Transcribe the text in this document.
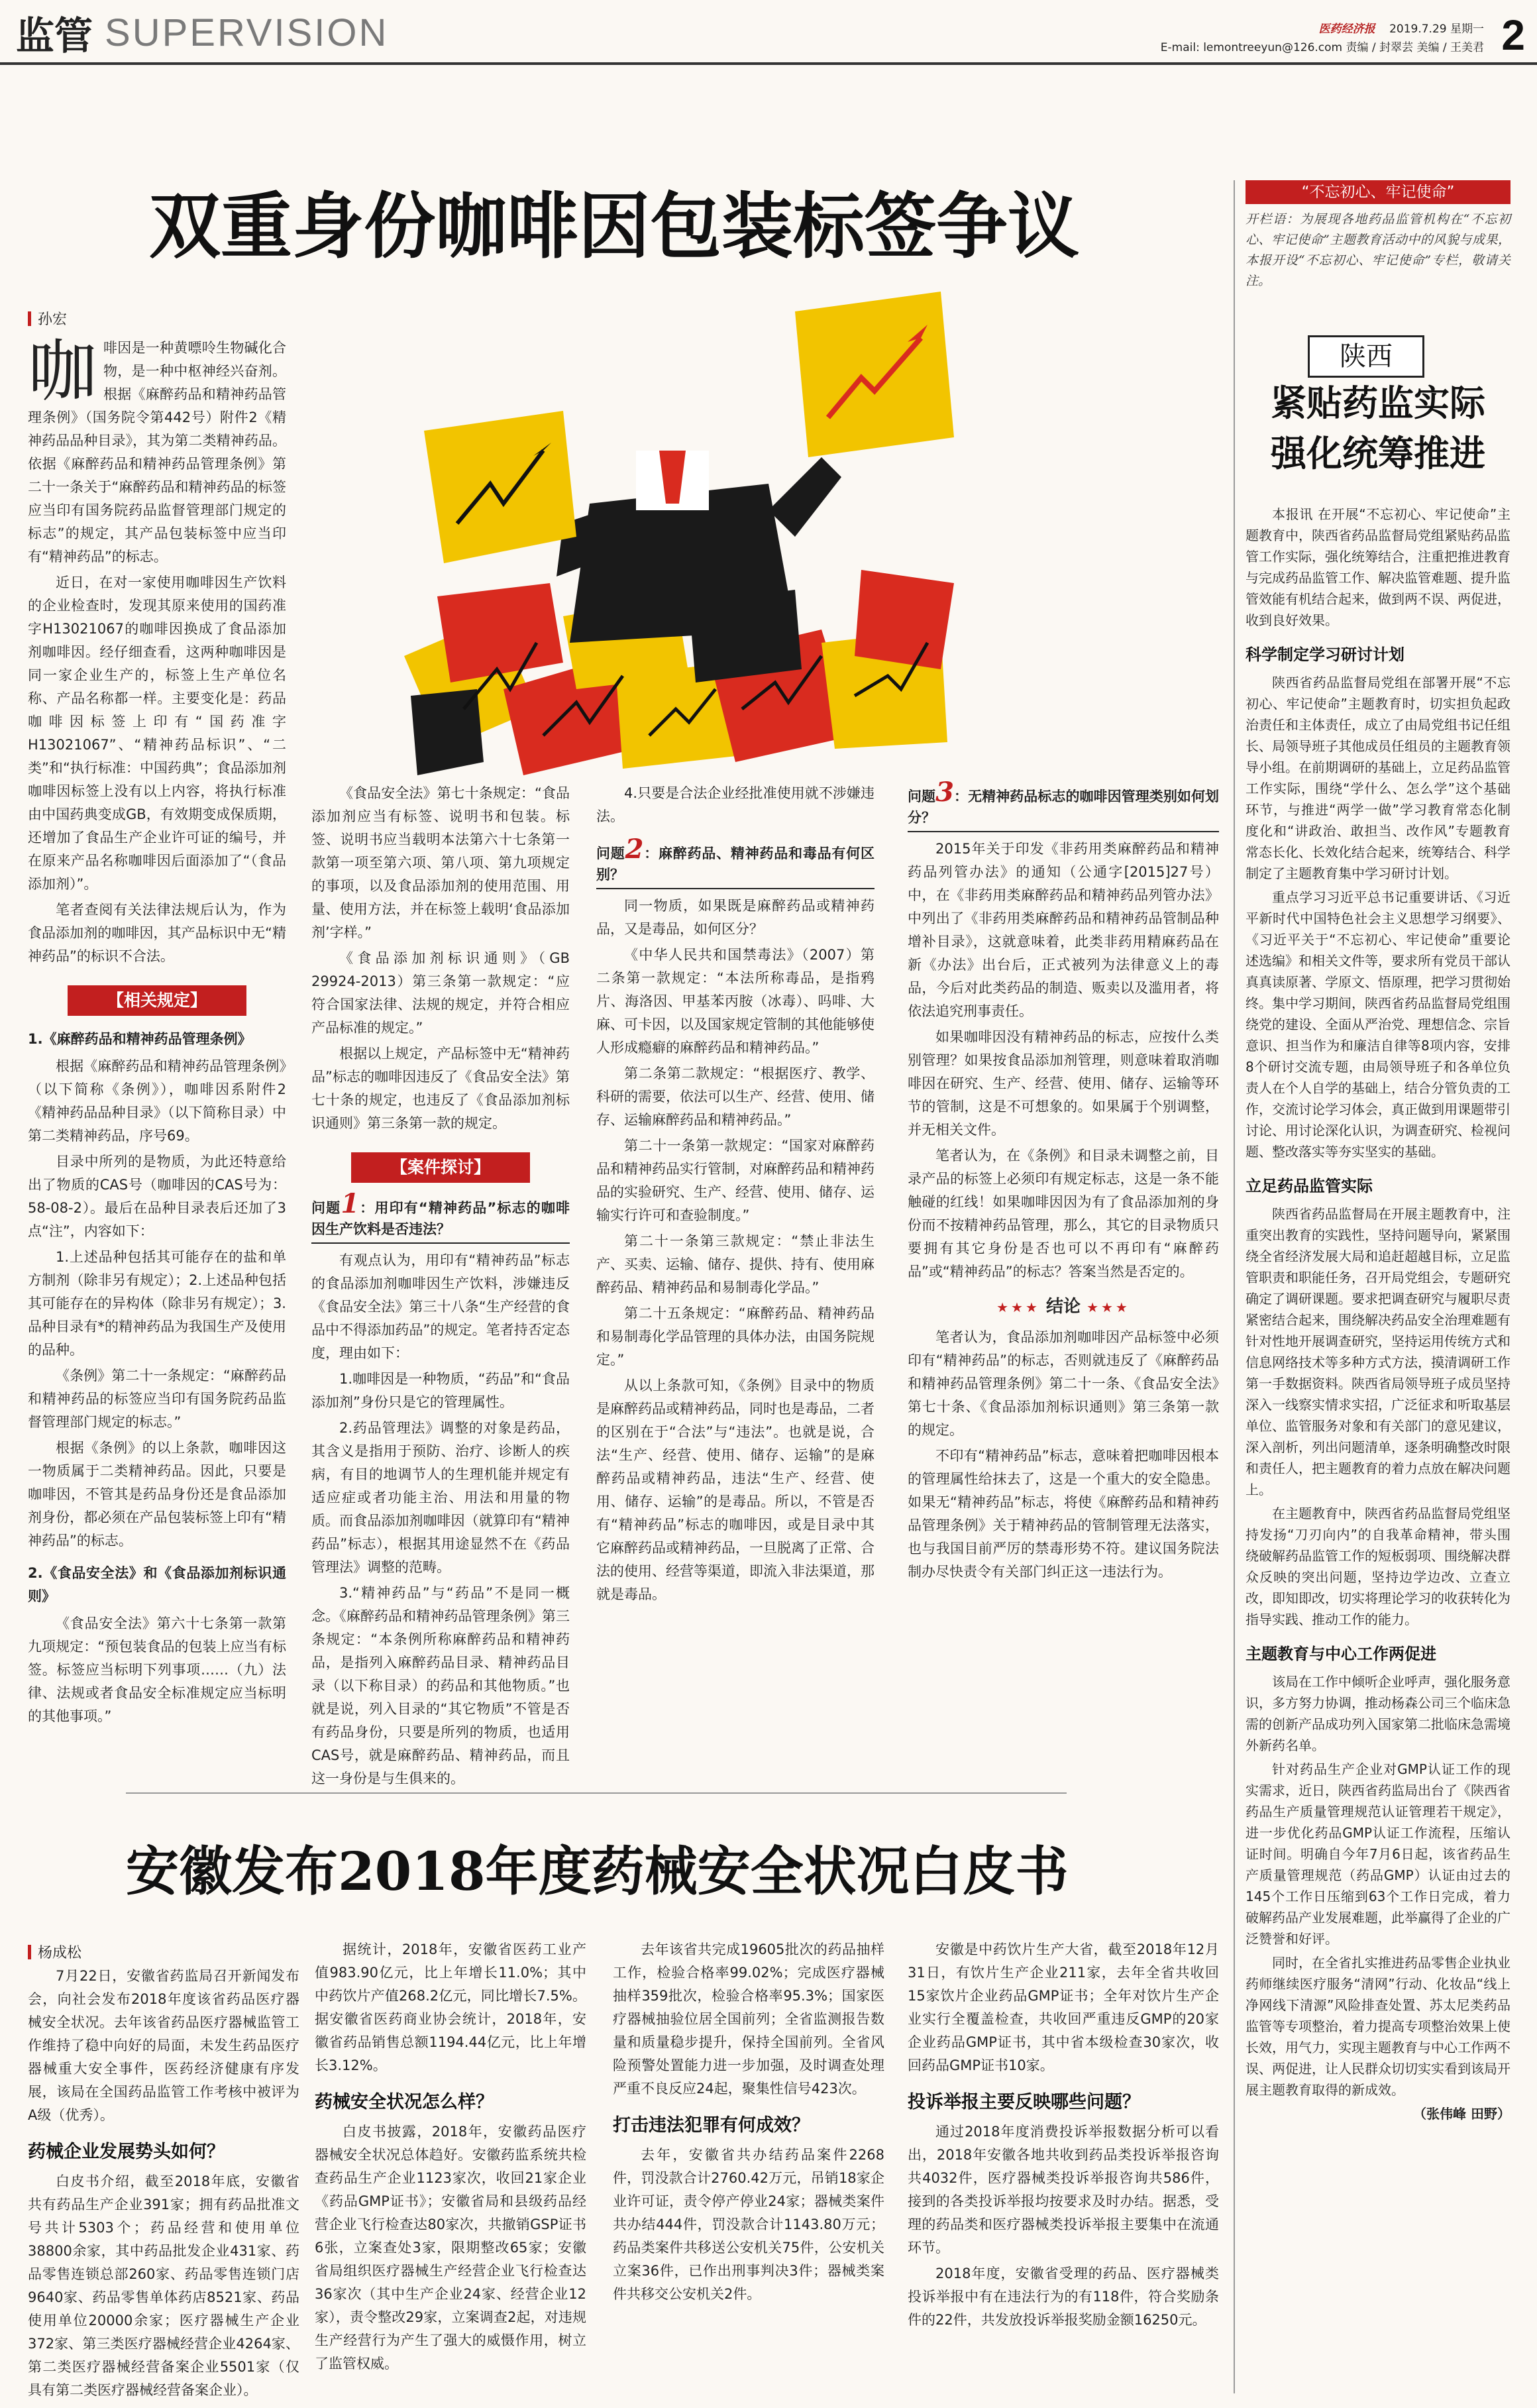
监管 SUPERVISION	医药经济报 2019.7.29 星期一
E-mail: lemontreeyun@126.com 责编 / 封翠芸 美编 / 王美君 2
双重身份咖啡因包装标签争议
孙宏
咖 啡因是一种黄嘌呤生物碱化合物，是一种中枢神经兴奋剂。根据《麻醉药品和精神药品管理条例》（国务院令第442号）附件2《精神药品品种目录》，其为第二类精神药品。依据《麻醉药品和精神药品管理条例》第二十一条关于“麻醉药品和精神药品的标签应当印有国务院药品监督管理部门规定的标志”的规定，其产品包装标签中应当印有“精神药品”的标志。

近日，在对一家使用咖啡因生产饮料的企业检查时，发现其原来使用的国药准字H13021067的咖啡因换成了食品添加剂咖啡因。经仔细查看，这两种咖啡因是同一家企业生产的，标签上生产单位名称、产品名称都一样。主要变化是：药品咖啡因标签上印有“国药准字H13021067”、“精神药品标识”、“二类”和“执行标准：中国药典”；食品添加剂咖啡因标签上没有以上内容，将执行标准由中国药典变成GB，有效期变成保质期，还增加了食品生产企业许可证的编号，并在原来产品名称咖啡因后面添加了“（食品添加剂）”。

笔者查阅有关法律法规后认为，作为食品添加剂的咖啡因，其产品标识中无“精神药品”的标识不合法。

【相关规定】

1.《麻醉药品和精神药品管理条例》

根据《麻醉药品和精神药品管理条例》（以下简称《条例》），咖啡因系附件2《精神药品品种目录》（以下简称目录）中第二类精神药品，序号69。

目录中所列的是物质，为此还特意给出了物质的CAS号（咖啡因的CAS号为：58-08-2）。最后在品种目录表后还加了3点“注”，内容如下：

1.上述品种包括其可能存在的盐和单方制剂（除非另有规定）；2.上述品种包括其可能存在的异构体（除非另有规定）；3.品种目录有*的精神药品为我国生产及使用的品种。

《条例》第二十一条规定：“麻醉药品和精神药品的标签应当印有国务院药品监督管理部门规定的标志。”

根据《条例》的以上条款，咖啡因这一物质属于二类精神药品。因此，只要是咖啡因，不管其是药品身份还是食品添加剂身份，都必须在产品包装标签上印有“精神药品”的标志。

2.《食品安全法》和《食品添加剂标识通则》

《食品安全法》第六十七条第一款第九项规定：“预包装食品的包装上应当有标签。标签应当标明下列事项……（九）法律、法规或者食品安全标准规定应当标明的其他事项。”

《食品安全法》第七十条规定：“食品添加剂应当有标签、说明书和包装。标签、说明书应当载明本法第六十七条第一款第一项至第六项、第八项、第九项规定的事项，以及食品添加剂的使用范围、用量、使用方法，并在标签上载明‘食品添加剂’字样。”

《食品添加剂标识通则》（GB 29924-2013）第三条第一款规定：“应符合国家法律、法规的规定，并符合相应产品标准的规定。”

根据以上规定，产品标签中无“精神药品”标志的咖啡因违反了《食品安全法》第七十条的规定，也违反了《食品添加剂标识通则》第三条第一款的规定。

【案件探讨】
问题1：用印有“精神药品”标志的咖啡因生产饮料是否违法？

有观点认为，用印有“精神药品”标志的食品添加剂咖啡因生产饮料，涉嫌违反《食品安全法》第三十八条“生产经营的食品中不得添加药品”的规定。笔者持否定态度，理由如下：

1.咖啡因是一种物质，“药品”和“食品添加剂”身份只是它的管理属性。

2.药品管理法》调整的对象是药品，其含义是指用于预防、治疗、诊断人的疾病，有目的地调节人的生理机能并规定有适应症或者功能主治、用法和用量的物质。而食品添加剂咖啡因（就算印有“精神药品”标志），根据其用途显然不在《药品管理法》调整的范畴。

3.“精神药品”与“药品”不是同一概念。《麻醉药品和精神药品管理条例》第三条规定：“本条例所称麻醉药品和精神药品，是指列入麻醉药品目录、精神药品目录（以下称目录）的药品和其他物质。”也就是说，列入目录的“其它物质”不管是否有药品身份，只要是所列的物质，也适用CAS号，就是麻醉药品、精神药品，而且这一身份是与生俱来的。

4.只要是合法企业经批准使用就不涉嫌违法。

问题2：麻醉药品、精神药品和毒品有何区别？

同一物质，如果既是麻醉药品或精神药品，又是毒品，如何区分？

《中华人民共和国禁毒法》（2007）第二条第一款规定：“本法所称毒品，是指鸦片、海洛因、甲基苯丙胺（冰毒）、吗啡、大麻、可卡因，以及国家规定管制的其他能够使人形成瘾癖的麻醉药品和精神药品。”

第二条第二款规定：“根据医疗、教学、科研的需要，依法可以生产、经营、使用、储存、运输麻醉药品和精神药品。”

第二十一条第一款规定：“国家对麻醉药品和精神药品实行管制，对麻醉药品和精神药品的实验研究、生产、经营、使用、储存、运输实行许可和查验制度。”

第二十一条第三款规定：“禁止非法生产、买卖、运输、储存、提供、持有、使用麻醉药品、精神药品和易制毒化学品。”

第二十五条规定：“麻醉药品、精神药品和易制毒化学品管理的具体办法，由国务院规定。”

从以上条款可知，《条例》目录中的物质是麻醉药品或精神药品，同时也是毒品，二者的区别在于“合法”与“违法”。也就是说，合法“生产、经营、使用、储存、运输”的是麻醉药品或精神药品，违法“生产、经营、使用、储存、运输”的是毒品。所以，不管是否有“精神药品”标志的咖啡因，或是目录中其它麻醉药品或精神药品，一旦脱离了正常、合法的使用、经营等渠道，即流入非法渠道，那就是毒品。

问题3：无精神药品标志的咖啡因管理类别如何划分？

2015年关于印发《非药用类麻醉药品和精神药品列管办法》的通知（公通字[2015]27号）中，在《非药用类麻醉药品和精神药品列管办法》中列出了《非药用类麻醉药品和精神药品管制品种增补目录》，这就意味着，此类非药用精麻药品在新《办法》出台后，正式被列为法律意义上的毒品，今后对此类药品的制造、贩卖以及滥用者，将依法追究刑事责任。

如果咖啡因没有精神药品的标志，应按什么类别管理？如果按食品添加剂管理，则意味着取消咖啡因在研究、生产、经营、使用、储存、运输等环节的管制，这是不可想象的。如果属于个别调整，并无相关文件。

笔者认为，在《条例》和目录未调整之前，目录产品的标签上必须印有规定标志，这是一条不能触碰的红线！如果咖啡因因为有了食品添加剂的身份而不按精神药品管理，那么，其它的目录物质只要拥有其它身份是否也可以不再印有“麻醉药品”或“精神药品”的标志？答案当然是否定的。

★★★ 结论 ★★★

笔者认为，食品添加剂咖啡因产品标签中必须印有“精神药品”的标志，否则就违反了《麻醉药品和精神药品管理条例》第二十一条、《食品安全法》第七十条、《食品添加剂标识通则》第三条第一款的规定。

不印有“精神药品”标志，意味着把咖啡因根本的管理属性给抹去了，这是一个重大的安全隐患。如果无“精神药品”标志，将使《麻醉药品和精神药品管理条例》关于精神药品的管制管理无法落实，也与我国目前严厉的禁毒形势不符。建议国务院法制办尽快责令有关部门纠正这一违法行为。

安徽发布2018年度药械安全状况白皮书
杨成松

7月22日，安徽省药监局召开新闻发布会，向社会发布2018年度该省药品医疗器械安全状况。去年该省药品医疗器械监管工作维持了稳中向好的局面，未发生药品医疗器械重大安全事件，医药经济健康有序发展，该局在全国药品监管工作考核中被评为A级（优秀）。

药械企业发展势头如何？

白皮书介绍，截至2018年底，安徽省共有药品生产企业391家；拥有药品批准文号共计5303个；药品经营和使用单位38800余家，其中药品批发企业431家、药品零售连锁总部260家、药品零售连锁门店9640家、药品零售单体药店8521家、药品使用单位20000余家；医疗器械生产企业372家、第三类医疗器械经营企业4264家、第二类医疗器械经营备案企业5501家（仅具有第二类医疗器械经营备案企业）。

据统计，2018年，安徽省医药工业产值983.90亿元，比上年增长11.0%；其中中药饮片产值268.2亿元，同比增长7.5%。据安徽省医药商业协会统计，2018年，安徽省药品销售总额1194.44亿元，比上年增长3.12%。

药械安全状况怎么样？

白皮书披露，2018年，安徽药品医疗器械安全状况总体趋好。安徽药监系统共检查药品生产企业1123家次，收回21家企业《药品GMP证书》；安徽省局和县级药品经营企业飞行检查达80家次，共撤销GSP证书6张，立案查处3家，限期整改65家；安徽省局组织医疗器械生产经营企业飞行检查达36家次（其中生产企业24家、经营企业12家），责令整改29家，立案调查2起，对违规生产经营行为产生了强大的威慑作用，树立了监管权威。

去年该省共完成19605批次的药品抽样工作，检验合格率99.02%；完成医疗器械抽样359批次，检验合格率95.3%；国家医疗器械抽验位居全国前列；全省监测报告数量和质量稳步提升，保持全国前列。全省风险预警处置能力进一步加强，及时调查处理严重不良反应24起，聚集性信号423次。

打击违法犯罪有何成效？

去年，安徽省共办结药品案件2268件，罚没款合计2760.42万元，吊销18家企业许可证，责令停产停业24家；器械类案件共办结444件，罚没款合计1143.80万元；药品类案件共移送公安机关75件，公安机关立案36件，已作出刑事判决3件；器械类案件共移交公安机关2件。

安徽是中药饮片生产大省，截至2018年12月31日，有饮片生产企业211家，去年全省共收回15家饮片企业药品GMP证书；全年对饮片生产企业实行全覆盖检查，共收回严重违反GMP的20家企业药品GMP证书，其中省本级检查30家次，收回药品GMP证书10家。

投诉举报主要反映哪些问题？

通过2018年度消费投诉举报数据分析可以看出，2018年安徽各地共收到药品类投诉举报咨询共4032件，医疗器械类投诉举报咨询共586件，接到的各类投诉举报均按要求及时办结。据悉，受理的药品类和医疗器械类投诉举报主要集中在流通环节。

2018年度，安徽省受理的药品、医疗器械类投诉举报中有在违法行为的有118件，符合奖励条件的22件，共发放投诉举报奖励金额16250元。

“不忘初心、牢记使命”
开栏语：为展现各地药品监管机构在“不忘初心、牢记使命”主题教育活动中的风貌与成果，本报开设“不忘初心、牢记使命”专栏，敬请关注。
陕西
紧贴药监实际
强化统筹推进

本报讯 在开展“不忘初心、牢记使命”主题教育中，陕西省药品监督局党组紧贴药品监管工作实际，强化统筹结合，注重把推进教育与完成药品监管工作、解决监管难题、提升监管效能有机结合起来，做到两不误、两促进，收到良好效果。

科学制定学习研讨计划

陕西省药品监督局党组在部署开展“不忘初心、牢记使命”主题教育时，切实担负起政治责任和主体责任，成立了由局党组书记任组长、局领导班子其他成员任组员的主题教育领导小组。在前期调研的基础上，立足药品监管工作实际，围绕“学什么、怎么学”这个基础环节，与推进“两学一做”学习教育常态化制度化和“讲政治、敢担当、改作风”专题教育常态长化、长效化结合起来，统筹结合、科学制定了主题教育集中学习研讨计划。

重点学习习近平总书记重要讲话、《习近平新时代中国特色社会主义思想学习纲要》、《习近平关于“不忘初心、牢记使命”重要论述选编》和相关文件等，要求所有党员干部认真真读原著、学原文、悟原理，把学习贯彻始终。集中学习期间，陕西省药品监督局党组围绕党的建设、全面从严治党、理想信念、宗旨意识、担当作为和廉洁自律等8项内容，安排8个研讨交流专题，由局领导班子和各单位负责人在个人自学的基础上，结合分管负责的工作，交流讨论学习体会，真正做到用课题带引讨论、用讨论深化认识，为调查研究、检视问题、整改落实等夯实坚实的基础。

立足药品监管实际

陕西省药品监督局在开展主题教育中，注重突出教育的实践性，坚持问题导向，紧紧围绕全省经济发展大局和追赶超越目标，立足监管职责和职能任务，召开局党组会，专题研究确定了调研课题。要求把调查研究与履职尽责紧密结合起来，围绕解决药品安全治理难题有针对性地开展调查研究，坚持运用传统方式和信息网络技术等多种方式方法，摸清调研工作第一手数据资料。陕西省局领导班子成员坚持深入一线察实情求实招，广泛征求和听取基层单位、监管服务对象和有关部门的意见建议，深入剖析，列出问题清单，逐条明确整改时限和责任人，把主题教育的着力点放在解决问题上。

在主题教育中，陕西省药品监督局党组坚持发扬“刀刃向内”的自我革命精神，带头围绕破解药品监管工作的短板弱项、围绕解决群众反映的突出问题，坚持边学边改、立查立改，即知即改，切实将理论学习的收获转化为指导实践、推动工作的能力。

主题教育与中心工作两促进

该局在工作中倾听企业呼声，强化服务意识，多方努力协调，推动杨森公司三个临床急需的创新产品成功列入国家第二批临床急需境外新药名单。

针对药品生产企业对GMP认证工作的现实需求，近日，陕西省药监局出台了《陕西省药品生产质量管理规范认证管理若干规定》，进一步优化药品GMP认证工作流程，压缩认证时间。明确自今年7月6日起，该省药品生产质量管理规范（药品GMP）认证由过去的145个工作日压缩到63个工作日完成，着力破解药品产业发展难题，此举赢得了企业的广泛赞誉和好评。

同时，在全省扎实推进药品零售企业执业药师继续医疗服务“清网”行动、化妆品“线上净网线下清源”风险排查处置、苏太尼类药品监管等专项整治，着力提高专项整治效果上使长效，用气力，实现主题教育与中心工作两不误、两促进，让人民群众切切实实看到该局开展主题教育取得的新成效。

（张伟峰 田野）
